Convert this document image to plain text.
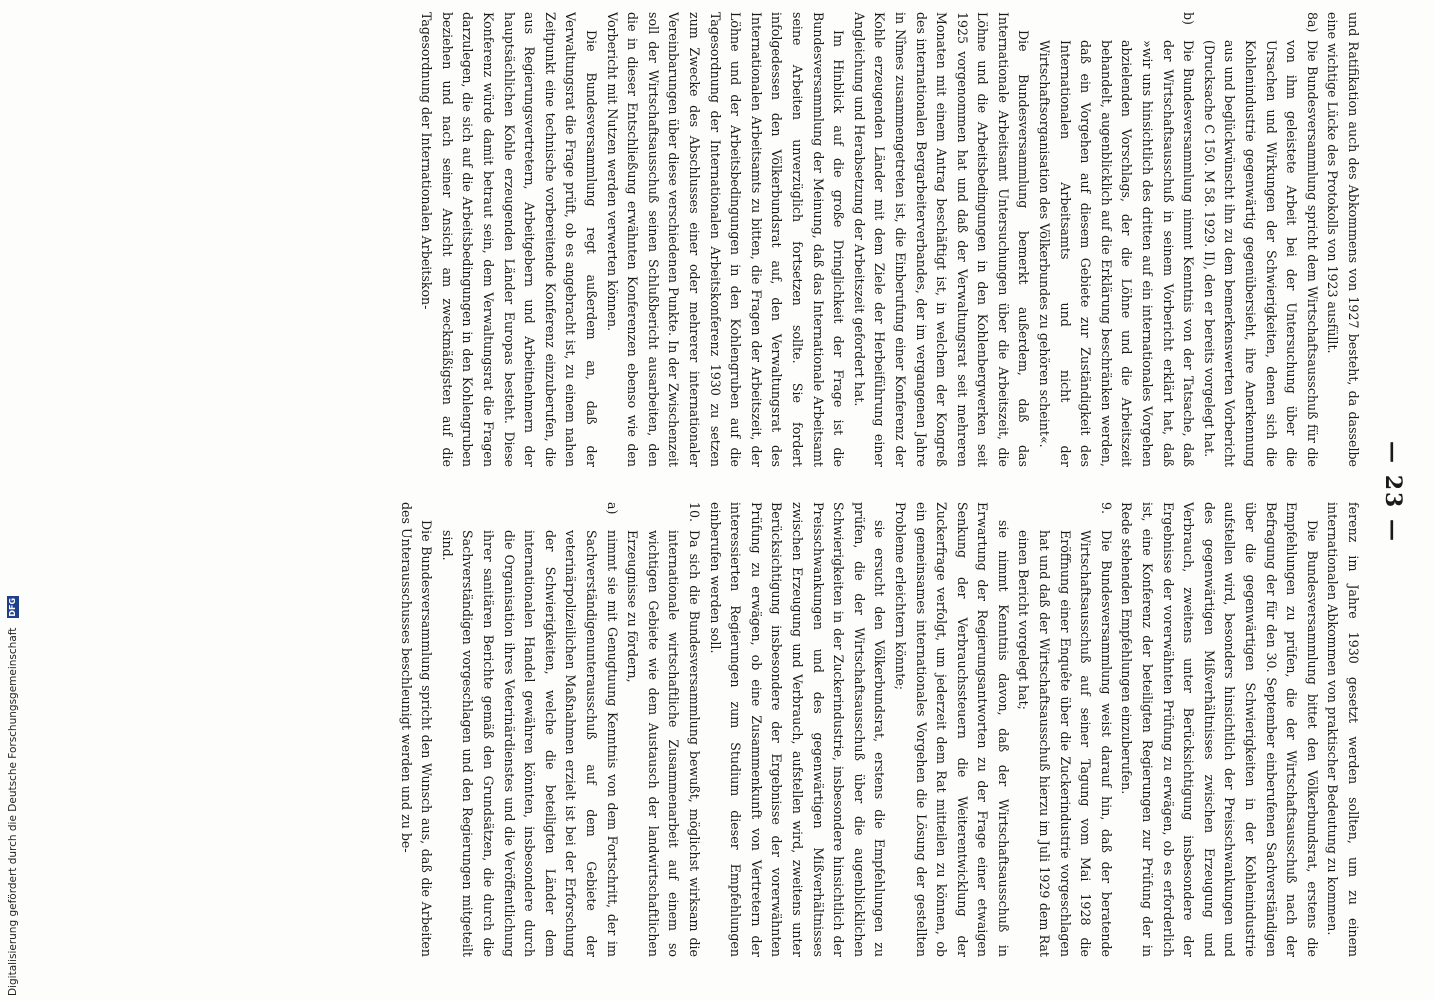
— 23 —

und Ratifikation auch des Abkommens von 1927 besteht, da dasselbe eine wichtige Lücke des Protokolls von 1923 ausfüllt.

8a)
Die Bundesversammlung spricht dem Wirtschaftsausschuß für die von ihm geleistete Arbeit bei der Untersuchung über die Ursachen und Wirkungen der Schwierigkeiten, denen sich die Kohlenindustrie gegenwärtig gegenübersieht, ihre Anerkennung aus und beglückwünscht ihn zu dem bemerkenswerten Vorbericht (Drucksache C 150. M 58. 1929. II), den er bereits vorgelegt hat.
b)
Die Bundesversammlung nimmt Kenntnis von der Tatsache, daß der Wirtschaftsausschuß in seinem Vorbericht erklärt hat, daß »wir uns hinsichtlich des dritten auf ein internationales Vorgehen abzielenden Vorschlags, der die Löhne und die Arbeitszeit behandelt, augenblicklich auf die Erklärung beschränken werden, daß ein Vorgehen auf diesem Gebiete zur Zuständigkeit des Internationalen Arbeitsamts und nicht der Wirtschaftsorganisation des Völkerbundes zu gehören scheint«.

Die Bundesversammlung bemerkt außerdem, daß das Internationale Arbeitsamt Untersuchungen über die Arbeitszeit, die Löhne und die Arbeitsbedingungen in den Kohlenbergwerken seit 1925 vorgenommen hat und daß der Verwaltungsrat seit mehreren Monaten mit einem Antrag beschäftigt ist, in welchem der Kongreß des internationalen Bergarbeiterverbandes, der im vergangenen Jahre in Nîmes zusammengetreten ist, die Einberufung einer Konferenz der Kohle erzeugenden Länder mit dem Ziele der Herbeiführung einer Angleichung und Herabsetzung der Arbeitszeit gefordert hat.

Im Hinblick auf die große Dringlichkeit der Frage ist die Bundesversammlung der Meinung, daß das Internationale Arbeitsamt seine Arbeiten unverzüglich fortsetzen sollte. Sie fordert infolgedessen den Völkerbundsrat auf, den Verwaltungsrat des Internationalen Arbeitsamts zu bitten, die Fragen der Arbeitszeit, der Löhne und der Arbeitsbedingungen in den Kohlengruben auf die Tagesordnung der Internationalen Arbeitskonferenz 1930 zu setzen zum Zwecke des Abschlusses einer oder mehrerer internationaler Vereinbarungen über diese verschiedenen Punkte. In der Zwischenzeit soll der Wirtschaftsausschuß seinen Schlußbericht ausarbeiten, den die in dieser Entschließung erwähnten Konferenzen ebenso wie den Vorbericht mit Nutzen werden verwerten können.

Die Bundesversammlung regt außerdem an, daß der Verwaltungsrat die Frage prüft, ob es angebracht ist, zu einem nahen Zeitpunkt eine technische vorbereitende Konferenz einzuberufen, die aus Regierungsvertretern, Arbeitgebern und Arbeitnehmern der hauptsächlichen Kohle erzeugenden Länder Europas besteht. Diese Konferenz würde damit betraut sein, dem Verwaltungsrat die Fragen darzulegen, die sich auf die Arbeitsbedingungen in den Kohlengruben beziehen und nach seiner Ansicht am zweckmäßigsten auf die Tagesordnung der Internationalen Arbeitskon-

ferenz im Jahre 1930 gesetzt werden sollten, um zu einem internationalen Abkommen von praktischer Bedeutung zu kommen.

Die Bundesversammlung bittet den Völkerbundsrat, erstens die Empfehlungen zu prüfen, die der Wirtschaftsausschuß nach der Befragung der für den 30. September einberufenen Sachverständigen über die gegenwärtigen Schwierigkeiten in der Kohlenindustrie aufstellen wird, besonders hinsichtlich der Preisschwankungen und des gegenwärtigen Mißverhältnisses zwischen Erzeugung und Verbrauch, zweitens unter Berücksichtigung insbesondere der Ergebnisse der vorerwähnten Prüfung zu erwägen, ob es erforderlich ist, eine Konferenz der beteiligten Regierungen zur Prüfung der in Rede stehenden Empfehlungen einzuberufen.

9.
Die Bundesversammlung weist darauf hin, daß der beratende Wirtschaftsausschuß auf seiner Tagung vom Mai 1928 die Eröffnung einer Enquête über die Zuckerindustrie vorgeschlagen hat und daß der Wirtschaftsausschuß hierzu im Juli 1929 dem Rat einen Bericht vorgelegt hat;

sie nimmt Kenntnis davon, daß der Wirtschaftsausschuß in Erwartung der Regierungsantworten zu der Frage einer etwaigen Senkung der Verbrauchssteuern die Weiterentwicklung der Zuckerfrage verfolgt, um jederzeit dem Rat mitteilen zu können, ob ein gemeinsames internationales Vorgehen die Lösung der gestellten Probleme erleichtern könnte;

sie ersucht den Völkerbundsrat, erstens die Empfehlungen zu prüfen, die der Wirtschaftsausschuß über die augenblicklichen Schwierigkeiten in der Zuckerindustrie, insbesondere hinsichtlich der Preisschwankungen und des gegenwärtigen Mißverhältnisses zwischen Erzeugung und Verbrauch, aufstellen wird, zweitens unter Berücksichtigung insbesondere der Ergebnisse der vorerwähnten Prüfung zu erwägen, ob eine Zusammenkunft von Vertretern der interessierten Regierungen zum Studium dieser Empfehlungen einberufen werden soll.

10.
Da sich die Bundesversammlung bewußt, möglichst wirksam die internationale wirtschaftliche Zusammenarbeit auf einem so wichtigen Gebiete wie dem Austausch der landwirtschaftlichen Erzeugnisse zu fördern,
a)
nimmt sie mit Genugtuung Kenntnis von dem Fortschritt, der im Sachverständigenunterausschuß auf dem Gebiete der veterinärpolizeilichen Maßnahmen erzielt ist bei der Erforschung der Schwierigkeiten, welche die beteiligten Länder dem internationalen Handel gewähren könnten, insbesondere durch die Organisation ihres Veterinärdienstes und die Veröffentlichung ihrer sanitären Berichte gemäß den Grundsätzen, die durch die Sachverständigen vorgeschlagen und den Regierungen mitgeteilt sind.

Die Bundesversammlung spricht den Wunsch aus, daß die Arbeiten des Unterausschusses beschleunigt werden und zu be-

Digitalisierung gefördert durch die Deutsche Forschungsgemeinschaft DFG
